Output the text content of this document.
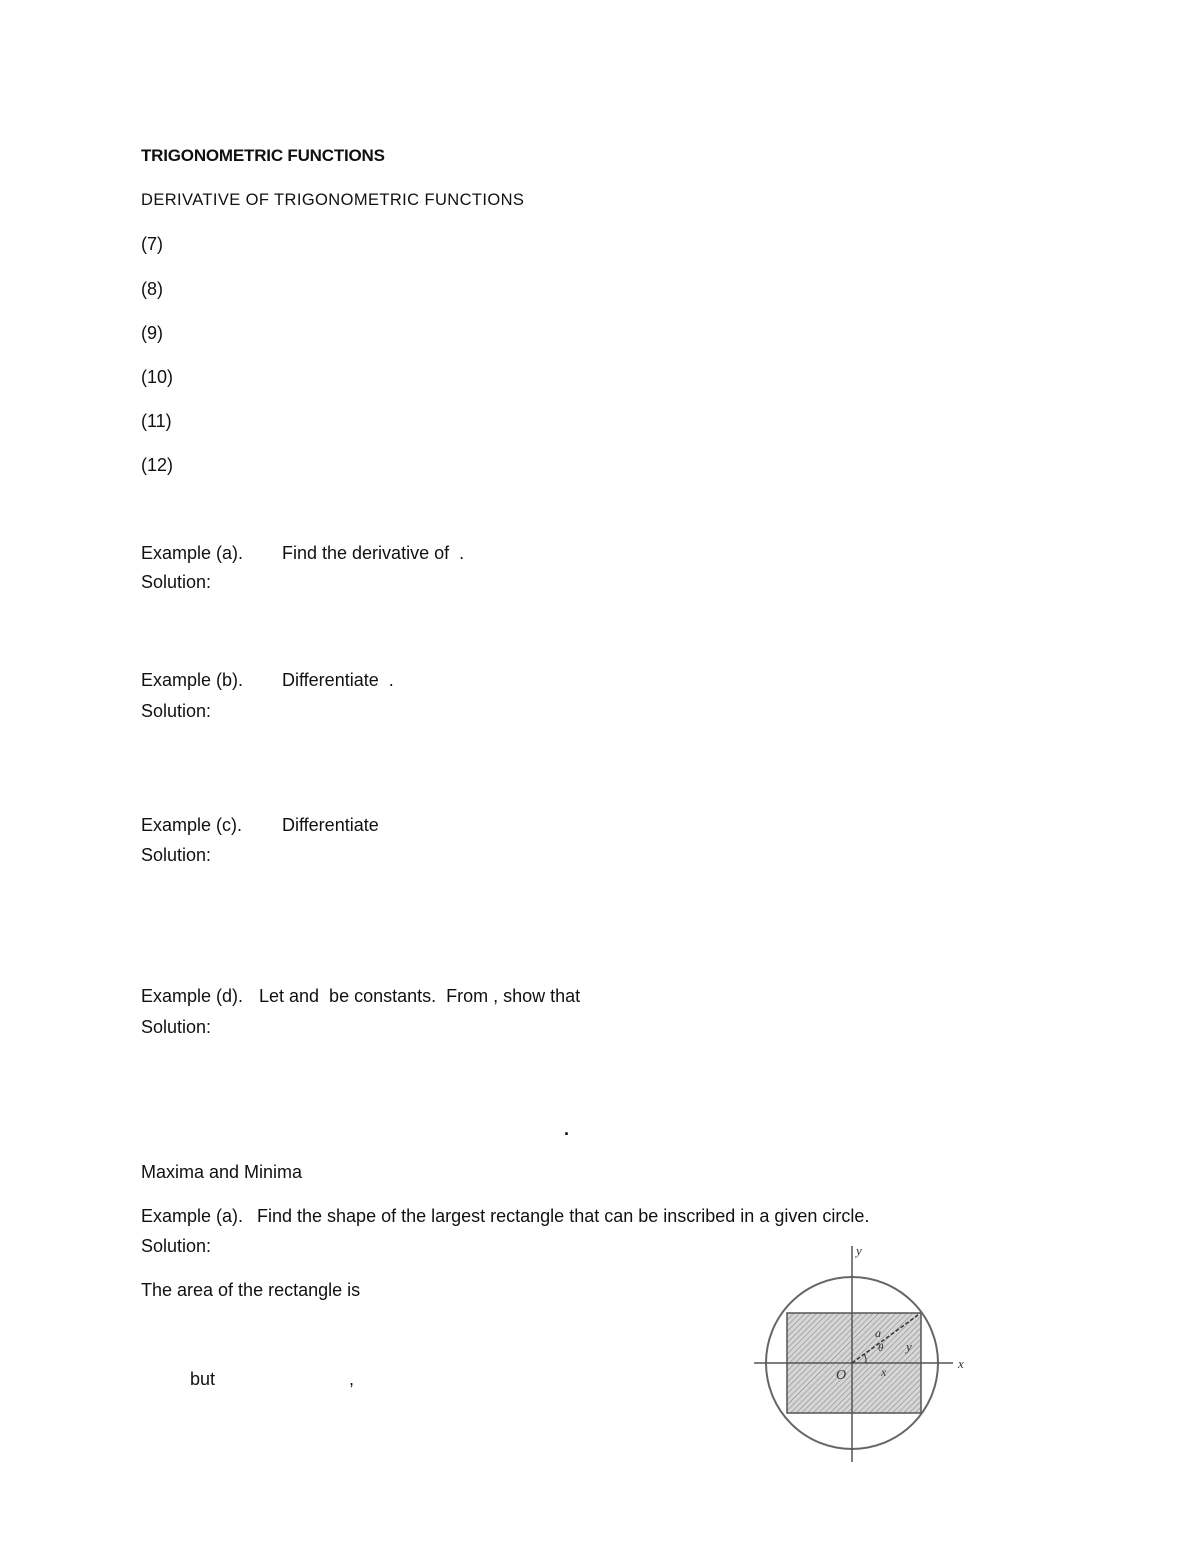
TRIGONOMETRIC FUNCTIONS
DERIVATIVE OF TRIGONOMETRIC FUNCTIONS
(7)
(8)
(9)
(10)
(11)
(12)
Example (a). Find the derivative of  .
Solution:
Example (b). Differentiate  .
Solution:
Example (c). Differentiate
Solution:
Example (d). Let and  be constants.  From , show that
Solution:
.
Maxima and Minima
Example (a). Find the shape of the largest rectangle that can be inscribed in a given circle.
Solution:
The area of the rectangle is
but	,
x
y
O
a
θ
x
y
